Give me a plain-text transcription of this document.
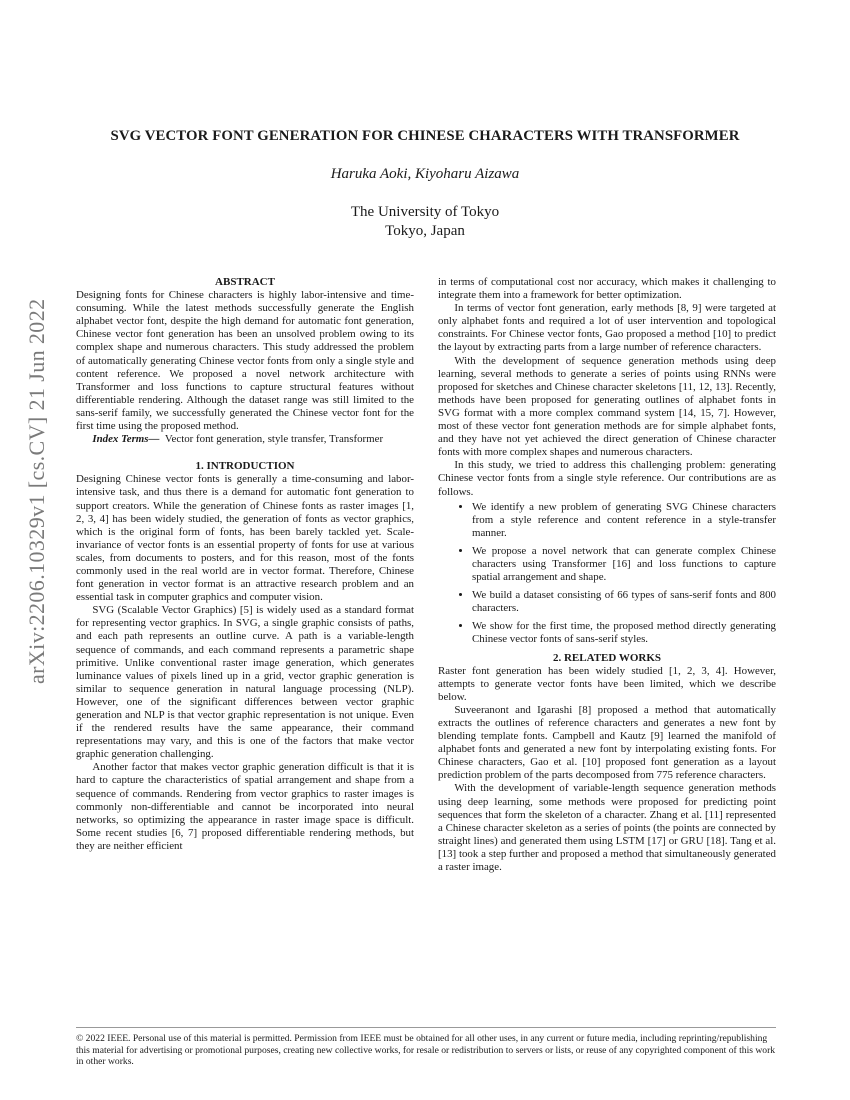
arXiv:2206.10329v1 [cs.CV] 21 Jun 2022
SVG VECTOR FONT GENERATION FOR CHINESE CHARACTERS WITH TRANSFORMER
Haruka Aoki, Kiyoharu Aizawa
The University of Tokyo
Tokyo, Japan

ABSTRACT

Designing fonts for Chinese characters is highly labor-intensive and time-consuming. While the latest methods successfully generate the English alphabet vector font, despite the high demand for automatic font generation, Chinese vector font generation has been an unsolved problem owing to its complex shape and numerous characters. This study addressed the problem of automatically generating Chinese vector fonts from only a single style and content reference. We proposed a novel network architecture with Transformer and loss functions to capture structural features without differentiable rendering. Although the dataset range was still limited to the sans-serif family, we successfully generated the Chinese vector font for the first time using the proposed method.

Index Terms— Vector font generation, style transfer, Transformer

1. INTRODUCTION

Designing Chinese vector fonts is generally a time-consuming and labor-intensive task, and thus there is a demand for automatic font generation to support creators. While the generation of Chinese fonts as raster images [1, 2, 3, 4] has been widely studied, the generation of fonts as vector graphics, which is the original form of fonts, has been barely tackled yet. Scale-invariance of vector fonts is an essential property of fonts for use at various scales, from documents to posters, and for this reason, most of the fonts commonly used in the real world are in vector format. Therefore, Chinese font generation in vector format is an attractive research problem and an essential task in computer graphics and computer vision.

SVG (Scalable Vector Graphics) [5] is widely used as a standard format for representing vector graphics. In SVG, a single graphic consists of paths, and each path represents an outline curve. A path is a variable-length sequence of commands, and each command represents a parametric shape primitive. Unlike conventional raster image generation, which generates luminance values of pixels lined up in a grid, vector graphic generation is similar to sequence generation in natural language processing (NLP). However, one of the significant differences between vector graphic generation and NLP is that vector graphic representation is not unique. Even if the rendered results have the same appearance, their command representations may vary, and this is one of the factors that make vector graphic generation challenging.

Another factor that makes vector graphic generation difficult is that it is hard to capture the characteristics of spatial arrangement and shape from a sequence of commands. Rendering from vector graphics to raster images is commonly non-differentiable and cannot be incorporated into neural networks, so optimizing the appearance in raster image space is difficult. Some recent studies [6, 7] proposed differentiable rendering methods, but they are neither efficient

in terms of computational cost nor accuracy, which makes it challenging to integrate them into a framework for better optimization.

In terms of vector font generation, early methods [8, 9] were targeted at only alphabet fonts and required a lot of user intervention and topological constraints. For Chinese vector fonts, Gao proposed a method [10] to predict the layout by extracting parts from a large number of reference characters.

With the development of sequence generation methods using deep learning, several methods to generate a series of points using RNNs were proposed for sketches and Chinese character skeletons [11, 12, 13]. Recently, methods have been proposed for generating outlines of alphabet fonts in SVG format with a more complex command system [14, 15, 7]. However, most of these vector font generation methods are for simple alphabet fonts, and they have not yet achieved the direct generation of Chinese character fonts with more complex shapes and numerous characters.

In this study, we tried to address this challenging problem: generating Chinese vector fonts from a single style reference. Our contributions are as follows.

• We identify a new problem of generating SVG Chinese characters from a style reference and content reference in a style-transfer manner.
• We propose a novel network that can generate complex Chinese characters using Transformer [16] and loss functions to capture spatial arrangement and shape.
• We build a dataset consisting of 66 types of sans-serif fonts and 800 characters.
• We show for the first time, the proposed method directly generating Chinese vector fonts of sans-serif styles.

2. RELATED WORKS

Raster font generation has been widely studied [1, 2, 3, 4]. However, attempts to generate vector fonts have been limited, which we describe below.

Suveeranont and Igarashi [8] proposed a method that automatically extracts the outlines of reference characters and generates a new font by blending template fonts. Campbell and Kautz [9] learned the manifold of alphabet fonts and generated a new font by interpolating existing fonts. For Chinese characters, Gao et al. [10] proposed font generation as a layout prediction problem of the parts decomposed from 775 reference characters.

With the development of variable-length sequence generation methods using deep learning, some methods were proposed for predicting point sequences that form the skeleton of a character. Zhang et al. [11] represented a Chinese character skeleton as a series of points (the points are connected by straight lines) and generated them using LSTM [17] or GRU [18]. Tang et al. [13] took a step further and proposed a method that simultaneously generated a raster image.

© 2022 IEEE. Personal use of this material is permitted. Permission from IEEE must be obtained for all other uses, in any current or future media, including reprinting/republishing this material for advertising or promotional purposes, creating new collective works, for resale or redistribution to servers or lists, or reuse of any copyrighted component of this work in other works.
